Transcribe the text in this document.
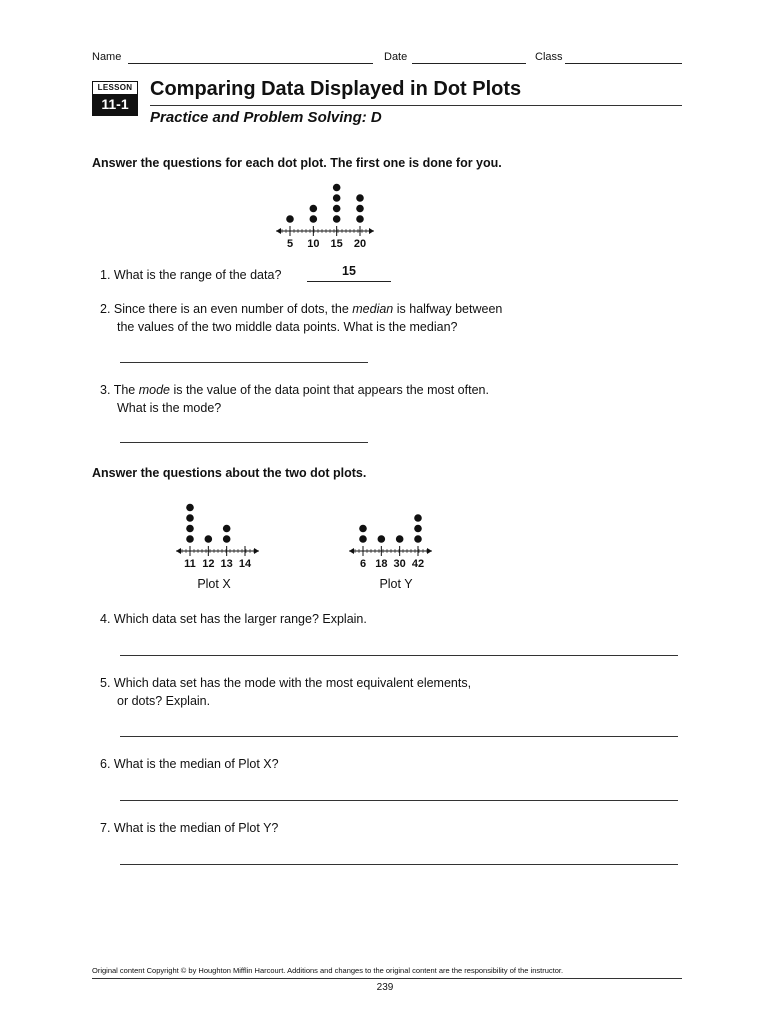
Name	Date	Class
LESSON
11-1
Comparing Data Displayed in Dot Plots
Practice and Problem Solving: D
Answer the questions for each dot plot. The first one is done for you.
5 10 15 20
1. What is the range of the data?	15
2. Since there is an even number of dots, the median is halfway between
the values of the two middle data points. What is the median?
3. The mode is the value of the data point that appears the most often.
What is the mode?
Answer the questions about the two dot plots.
11 12 13 14	6 18 30 42
Plot X	Plot Y
4. Which data set has the larger range? Explain.
5. Which data set has the mode with the most equivalent elements,
or dots? Explain.
6. What is the median of Plot X?
7. What is the median of Plot Y?
Original content Copyright © by Houghton Mifflin Harcourt. Additions and changes to the original content are the responsibility of the instructor.
239
